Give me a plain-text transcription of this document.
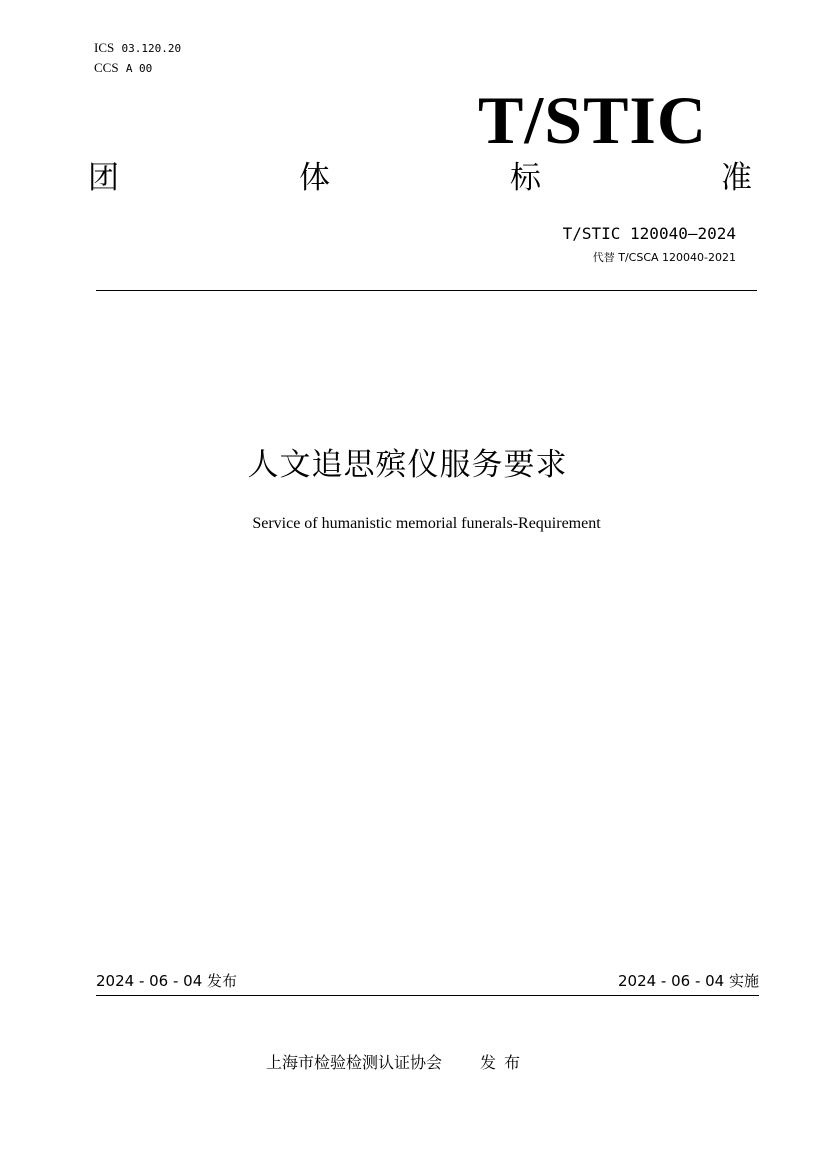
ICS 03.120.20
CCS A 00
T/STIC
团	体	标	准
T/STIC 120040—2024
代替 T/CSCA 120040-2021
人文追思殡仪服务要求
Service of humanistic memorial funerals-Requirement
2024 - 06 - 04 发布	2024 - 06 - 04 实施
上海市检验检测认证协会 发布
